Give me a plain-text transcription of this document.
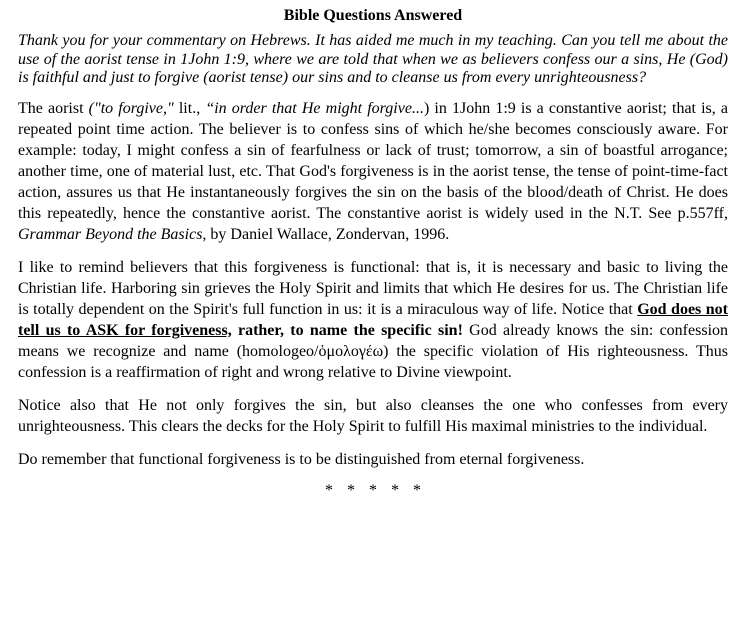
Bible Questions Answered
Thank you for your commentary on Hebrews. It has aided me much in my teaching. Can you tell me about the use of the aorist tense in 1John 1:9, where we are told that when we as believers confess our a sins, He (God) is faithful and just to forgive (aorist tense) our sins and to cleanse us from every unrighteousness?

The aorist ("to forgive," lit., “in order that He might forgive...) in 1John 1:9 is a constantive aorist; that is, a repeated point time action. The believer is to confess sins of which he/she becomes consciously aware. For example: today, I might confess a sin of fearfulness or lack of trust; tomorrow, a sin of boastful arrogance; another time, one of material lust, etc. That God's forgiveness is in the aorist tense, the tense of point-time-fact action, assures us that He instantaneously forgives the sin on the basis of the blood/death of Christ. He does this repeatedly, hence the constantive aorist. The constantive aorist is widely used in the N.T. See p.557ff, Grammar Beyond the Basics, by Daniel Wallace, Zondervan, 1996.

I like to remind believers that this forgiveness is functional: that is, it is necessary and basic to living the Christian life. Harboring sin grieves the Holy Spirit and limits that which He desires for us. The Christian life is totally dependent on the Spirit's full function in us: it is a miraculous way of life. Notice that God does not tell us to ASK for forgiveness, rather, to name the specific sin! God already knows the sin: confession means we recognize and name (homologeo/ὁμολογέω) the specific violation of His righteousness. Thus confession is a reaffirmation of right and wrong relative to Divine viewpoint.

Notice also that He not only forgives the sin, but also cleanses the one who confesses from every unrighteousness. This clears the decks for the Holy Spirit to fulfill His maximal ministries to the individual.

Do remember that functional forgiveness is to be distinguished from eternal forgiveness.

* * * * *
